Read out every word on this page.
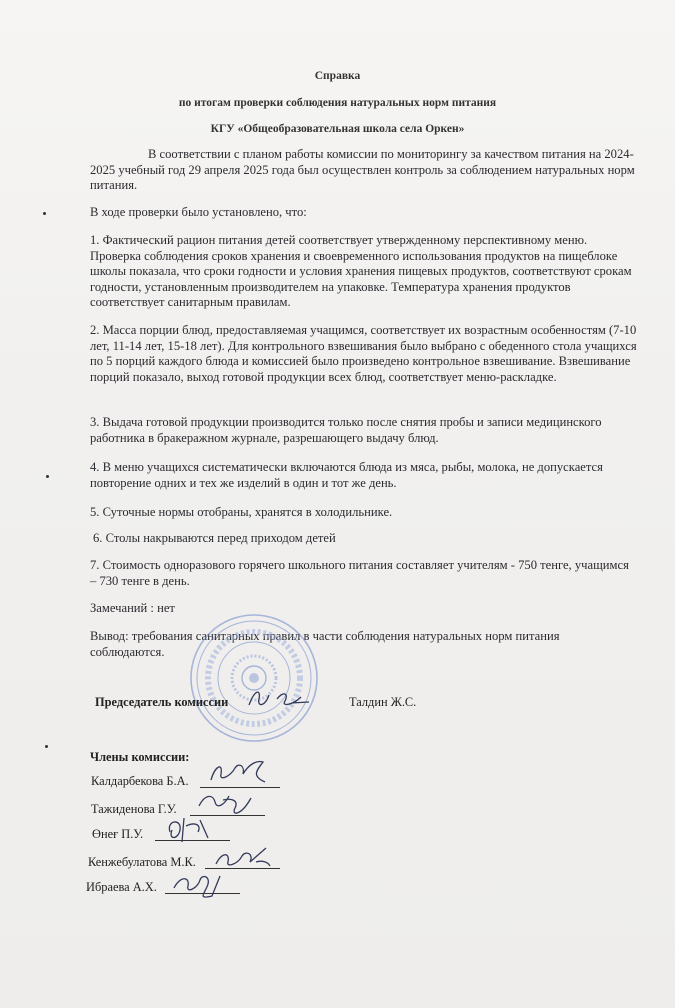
Справка
по итогам проверки соблюдения натуральных норм питания
КГУ «Общеобразовательная школа села Оркен»
В соответствии с планом работы комиссии по мониторингу за качеством питания на 2024-2025 учебный год 29 апреля 2025 года был осуществлен контроль за соблюдением натуральных норм питания.
В ходе проверки было установлено, что:
1. Фактический рацион питания детей соответствует утвержденному перспективному меню. Проверка соблюдения сроков хранения и своевременного использования продуктов на пищеблоке школы показала, что сроки годности и условия хранения пищевых продуктов, соответствуют срокам годности, установленным производителем на упаковке. Температура хранения продуктов соответствует санитарным правилам.
2. Масса порции блюд, предоставляемая учащимся, соответствует их возрастным особенностям (7-10 лет, 11-14 лет, 15-18 лет). Для контрольного взвешивания было выбрано с обеденного стола учащихся по 5 порций каждого блюда и комиссией было произведено контрольное взвешивание. Взвешивание порций показало, выход готовой продукции всех блюд, соответствует меню-раскладке.
3. Выдача готовой продукции производится только после снятия пробы и записи медицинского работника в бракеражном журнале, разрешающего выдачу блюд.
4. В меню учащихся систематически включаются блюда из мяса, рыбы, молока, не допускается повторение одних и тех же изделий в один и тот же день.
5. Суточные нормы отобраны, хранятся в холодильнике.
6. Столы накрываются перед приходом детей
7. Стоимость одноразового горячего школьного питания составляет учителям - 750 тенге, учащимся – 730 тенге в день.
Замечаний : нет
Вывод: требования санитарных правил в части соблюдения натуральных норм питания соблюдаются.
Председатель комиссии	Талдин Ж.С.
Члены комиссии:
Калдарбекова Б.А.
Тажиденова Г.У.
Өнеғ П.У.
Кенжебулатова М.К.
Ибраева А.Х.
